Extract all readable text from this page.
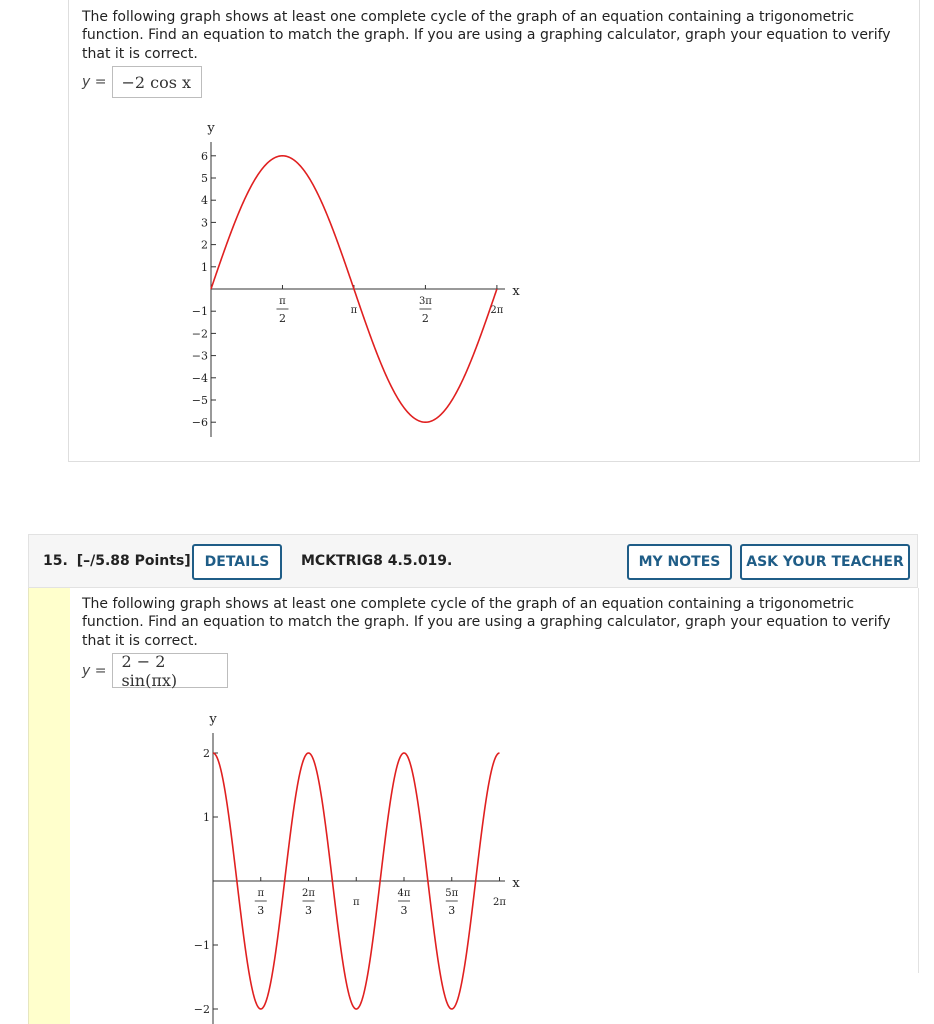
The following graph shows at least one complete cycle of the graph of an equation containing a trigonometric function. Find an equation to match the graph. If you are using a graphing calculator, graph your equation to verify that it is correct.
y = −2 cos x
y
x
6
5
4
3
2
1
−1
−2
−3
−4
−5
−6
π
2
π
3π
2
2π
15. [–/5.88 Points] DETAILS	MCKTRIG8 4.5.019.	MY NOTES	ASK YOUR TEACHER
The following graph shows at least one complete cycle of the graph of an equation containing a trigonometric function. Find an equation to match the graph. If you are using a graphing calculator, graph your equation to verify that it is correct.
y = 2 − 2 sin(πx)
y
x
2
1
−1
−2
π
3
2π
3
π
4π
3
5π
3
2π
